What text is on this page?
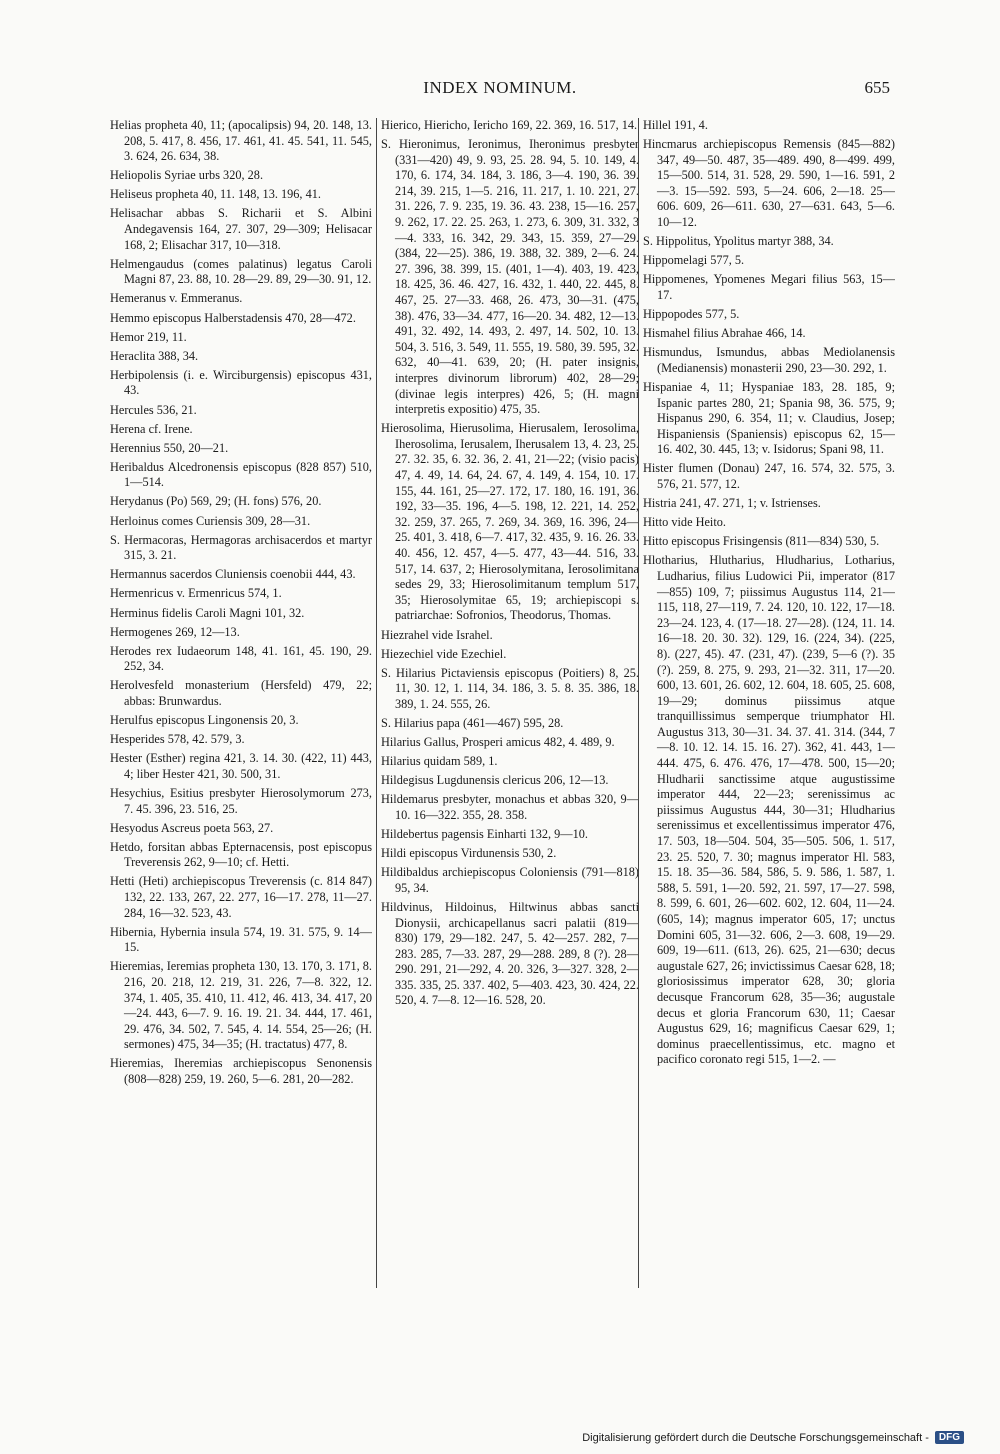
INDEX NOMINUM.	655

Helias propheta 40, 11; (apocalipsis) 94, 20. 148, 13. 208, 5. 417, 8. 456, 17. 461, 41. 45. 541, 11. 545, 3. 624, 26. 634, 38.

Heliopolis Syriae urbs 320, 28.

Heliseus propheta 40, 11. 148, 13. 196, 41.

Helisachar abbas S. Richarii et S. Albini Andegavensis 164, 27. 307, 29—309; Helisacar 168, 2; Elisachar 317, 10—318.

Helmengaudus (comes palatinus) legatus Caroli Magni 87, 23. 88, 10. 28—29. 89, 29—30. 91, 12.

Hemeranus v. Emmeranus.

Hemmo episcopus Halberstadensis 470, 28—472.

Hemor 219, 11.

Heraclita 388, 34.

Herbipolensis (i. e. Wirciburgensis) episcopus 431, 43.

Hercules 536, 21.

Herena cf. Irene.

Herennius 550, 20—21.

Heribaldus Alcedronensis episcopus (828 857) 510, 1—514.

Herydanus (Po) 569, 29; (H. fons) 576, 20.

Herloinus comes Curiensis 309, 28—31.

S. Hermacoras, Hermagoras archisacerdos et martyr 315, 3. 21.

Hermannus sacerdos Cluniensis coenobii 444, 43.

Hermenricus v. Ermenricus 574, 1.

Herminus fidelis Caroli Magni 101, 32.

Hermogenes 269, 12—13.

Herodes rex Iudaeorum 148, 41. 161, 45. 190, 29. 252, 34.

Herolvesfeld monasterium (Hersfeld) 479, 22; abbas: Brunwardus.

Herulfus episcopus Lingonensis 20, 3.

Hesperides 578, 42. 579, 3.

Hester (Esther) regina 421, 3. 14. 30. (422, 11) 443, 4; liber Hester 421, 30. 500, 31.

Hesychius, Esitius presbyter Hierosolymorum 273, 7. 45. 396, 23. 516, 25.

Hesyodus Ascreus poeta 563, 27.

Hetdo, forsitan abbas Epternacensis, post episcopus Treverensis 262, 9—10; cf. Hetti.

Hetti (Heti) archiepiscopus Treverensis (c. 814 847) 132, 22. 133, 267, 22. 277, 16—17. 278, 11—27. 284, 16—32. 523, 43.

Hibernia, Hybernia insula 574, 19. 31. 575, 9. 14—15.

Hieremias, Ieremias propheta 130, 13. 170, 3. 171, 8. 216, 20. 218, 12. 219, 31. 226, 7—8. 322, 12. 374, 1. 405, 35. 410, 11. 412, 46. 413, 34. 417, 20—24. 443, 6—7. 9. 16. 19. 21. 34. 444, 17. 461, 29. 476, 34. 502, 7. 545, 4. 14. 554, 25—26; (H. sermones) 475, 34—35; (H. tractatus) 477, 8.

Hieremias, Iheremias archiepiscopus Senonensis (808—828) 259, 19. 260, 5—6. 281, 20—282.

Hierico, Hiericho, Iericho 169, 22. 369, 16. 517, 14.

S. Hieronimus, Ieronimus, Iheronimus presbyter (331—420) 49, 9. 93, 25. 28. 94, 5. 10. 149, 4. 170, 6. 174, 34. 184, 3. 186, 3—4. 190, 36. 39. 214, 39. 215, 1—5. 216, 11. 217, 1. 10. 221, 27. 31. 226, 7. 9. 235, 19. 36. 43. 238, 15—16. 257, 9. 262, 17. 22. 25. 263, 1. 273, 6. 309, 31. 332, 3—4. 333, 16. 342, 29. 343, 15. 359, 27—29. (384, 22—25). 386, 19. 388, 32. 389, 2—6. 24. 27. 396, 38. 399, 15. (401, 1—4). 403, 19. 423, 18. 425, 36. 46. 427, 16. 432, 1. 440, 22. 445, 8. 467, 25. 27—33. 468, 26. 473, 30—31. (475, 38). 476, 33—34. 477, 16—20. 34. 482, 12—13. 491, 32. 492, 14. 493, 2. 497, 14. 502, 10. 13. 504, 3. 516, 3. 549, 11. 555, 19. 580, 39. 595, 32. 632, 40—41. 639, 20; (H. pater insignis, interpres divinorum librorum) 402, 28—29; (divinae legis interpres) 426, 5; (H. magni interpretis expositio) 475, 35.

Hierosolima, Hierusolima, Hierusalem, Ierosolima, Iherosolima, Ierusalem, Iherusalem 13, 4. 23, 25. 27. 32. 35, 6. 32. 36, 2. 41, 21—22; (visio pacis) 47, 4. 49, 14. 64, 24. 67, 4. 149, 4. 154, 10. 17. 155, 44. 161, 25—27. 172, 17. 180, 16. 191, 36. 192, 33—35. 196, 4—5. 198, 12. 221, 14. 252, 32. 259, 37. 265, 7. 269, 34. 369, 16. 396, 24—25. 401, 3. 418, 6—7. 417, 32. 435, 9. 16. 26. 33. 40. 456, 12. 457, 4—5. 477, 43—44. 516, 33. 517, 14. 637, 2; Hierosolymitana, Ierosolimitana sedes 29, 33; Hierosolimitanum templum 517, 35; Hierosolymitae 65, 19; archiepiscopi s. patriarchae: Sofronios, Theodorus, Thomas.

Hiezrahel vide Israhel.

Hiezechiel vide Ezechiel.

S. Hilarius Pictaviensis episcopus (Poitiers) 8, 25. 11, 30. 12, 1. 114, 34. 186, 3. 5. 8. 35. 386, 18. 389, 1. 24. 555, 26.

S. Hilarius papa (461—467) 595, 28.

Hilarius Gallus, Prosperi amicus 482, 4. 489, 9.

Hilarius quidam 589, 1.

Hildegisus Lugdunensis clericus 206, 12—13.

Hildemarus presbyter, monachus et abbas 320, 9—10. 16—322. 355, 28. 358.

Hildebertus pagensis Einharti 132, 9—10.

Hildi episcopus Virdunensis 530, 2.

Hildibaldus archiepiscopus Coloniensis (791—818) 95, 34.

Hildvinus, Hildoinus, Hiltwinus abbas sancti Dionysii, archicapellanus sacri palatii (819—830) 179, 29—182. 247, 5. 42—257. 282, 7—283. 285, 7—33. 287, 29—288. 289, 8 (?). 28—290. 291, 21—292, 4. 20. 326, 3—327. 328, 2—335. 335, 25. 337. 402, 5—403. 423, 30. 424, 22. 520, 4. 7—8. 12—16. 528, 20.

Hillel 191, 4.

Hincmarus archiepiscopus Remensis (845—882) 347, 49—50. 487, 35—489. 490, 8—499. 499, 15—500. 514, 31. 528, 29. 590, 1—16. 591, 2—3. 15—592. 593, 5—24. 606, 2—18. 25—606. 609, 26—611. 630, 27—631. 643, 5—6. 10—12.

S. Hippolitus, Ypolitus martyr 388, 34.

Hippomelagi 577, 5.

Hippomenes, Ypomenes Megari filius 563, 15—17.

Hippopodes 577, 5.

Hismahel filius Abrahae 466, 14.

Hismundus, Ismundus, abbas Mediolanensis (Medianensis) monasterii 290, 23—30. 292, 1.

Hispaniae 4, 11; Hyspaniae 183, 28. 185, 9; Ispanic partes 280, 21; Spania 98, 36. 575, 9; Hispanus 290, 6. 354, 11; v. Claudius, Josep; Hispaniensis (Spaniensis) episcopus 62, 15—16. 402, 30. 445, 13; v. Isidorus; Spani 98, 11.

Hister flumen (Donau) 247, 16. 574, 32. 575, 3. 576, 21. 577, 12.

Histria 241, 47. 271, 1; v. Istrienses.

Hitto vide Heito.

Hitto episcopus Frisingensis (811—834) 530, 5.

Hlotharius, Hlutharius, Hludharius, Lotharius, Ludharius, filius Ludowici Pii, imperator (817—855) 109, 7; piissimus Augustus 114, 21—115, 118, 27—119, 7. 24. 120, 10. 122, 17—18. 23—24. 123, 4. (17—18. 27—28). (124, 11. 14. 16—18. 20. 30. 32). 129, 16. (224, 34). (225, 8). (227, 45). 47. (231, 47). (239, 5—6 (?). 35 (?). 259, 8. 275, 9. 293, 21—32. 311, 17—20. 600, 13. 601, 26. 602, 12. 604, 18. 605, 25. 608, 19—29; dominus piissimus atque tranquillissimus semperque triumphator Hl. Augustus 313, 30—31. 34. 37. 41. 314. (344, 7—8. 10. 12. 14. 15. 16. 27). 362, 41. 443, 1—444. 475, 6. 476. 476, 17—478. 500, 15—20; Hludharii sanctissime atque augustissime imperator 444, 22—23; serenissimus ac piissimus Augustus 444, 30—31; Hludharius serenissimus et excellentissimus imperator 476, 17. 503, 18—504. 504, 35—505. 506, 1. 517, 23. 25. 520, 7. 30; magnus imperator Hl. 583, 15. 18. 35—36. 584, 586, 5. 9. 586, 1. 587, 1. 588, 5. 591, 1—20. 592, 21. 597, 17—27. 598, 8. 599, 6. 601, 26—602. 602, 12. 604, 11—24. (605, 14); magnus imperator 605, 17; unctus Domini 605, 31—32. 606, 2—3. 608, 19—29. 609, 19—611. (613, 26). 625, 21—630; decus augustale 627, 26; invictissimus Caesar 628, 18; gloriosissimus imperator 628, 30; gloria decusque Francorum 628, 35—36; augustale decus et gloria Francorum 630, 11; Caesar Augustus 629, 16; magnificus Caesar 629, 1; dominus praecellentissimus, etc. magno et pacifico coronato regi 515, 1—2. —

Digitalisierung gefördert durch die Deutsche Forschungsgemeinschaft -	DFG
